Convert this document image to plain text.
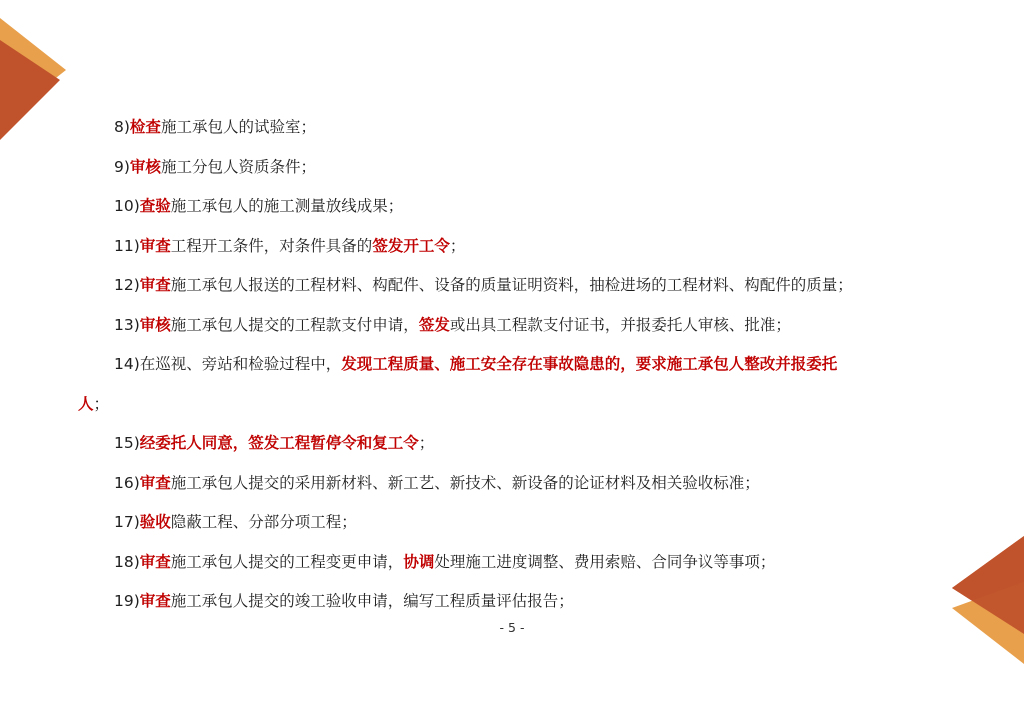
8)检查施工承包人的试验室；
9)审核施工分包人资质条件；
10)查验施工承包人的施工测量放线成果；
11)审查工程开工条件，对条件具备的签发开工令；
12)审查施工承包人报送的工程材料、构配件、设备的质量证明资料，抽检进场的工程材料、构配件的质量；
13)审核施工承包人提交的工程款支付申请，签发或出具工程款支付证书，并报委托人审核、批准；
14)在巡视、旁站和检验过程中，发现工程质量、施工安全存在事故隐患的，要求施工承包人整改并报委托
人；
15)经委托人同意，签发工程暂停令和复工令；
16)审查施工承包人提交的采用新材料、新工艺、新技术、新设备的论证材料及相关验收标准；
17)验收隐蔽工程、分部分项工程；
18)审查施工承包人提交的工程变更申请，协调处理施工进度调整、费用索赔、合同争议等事项；
19)审查施工承包人提交的竣工验收申请，编写工程质量评估报告；
- 5 -
